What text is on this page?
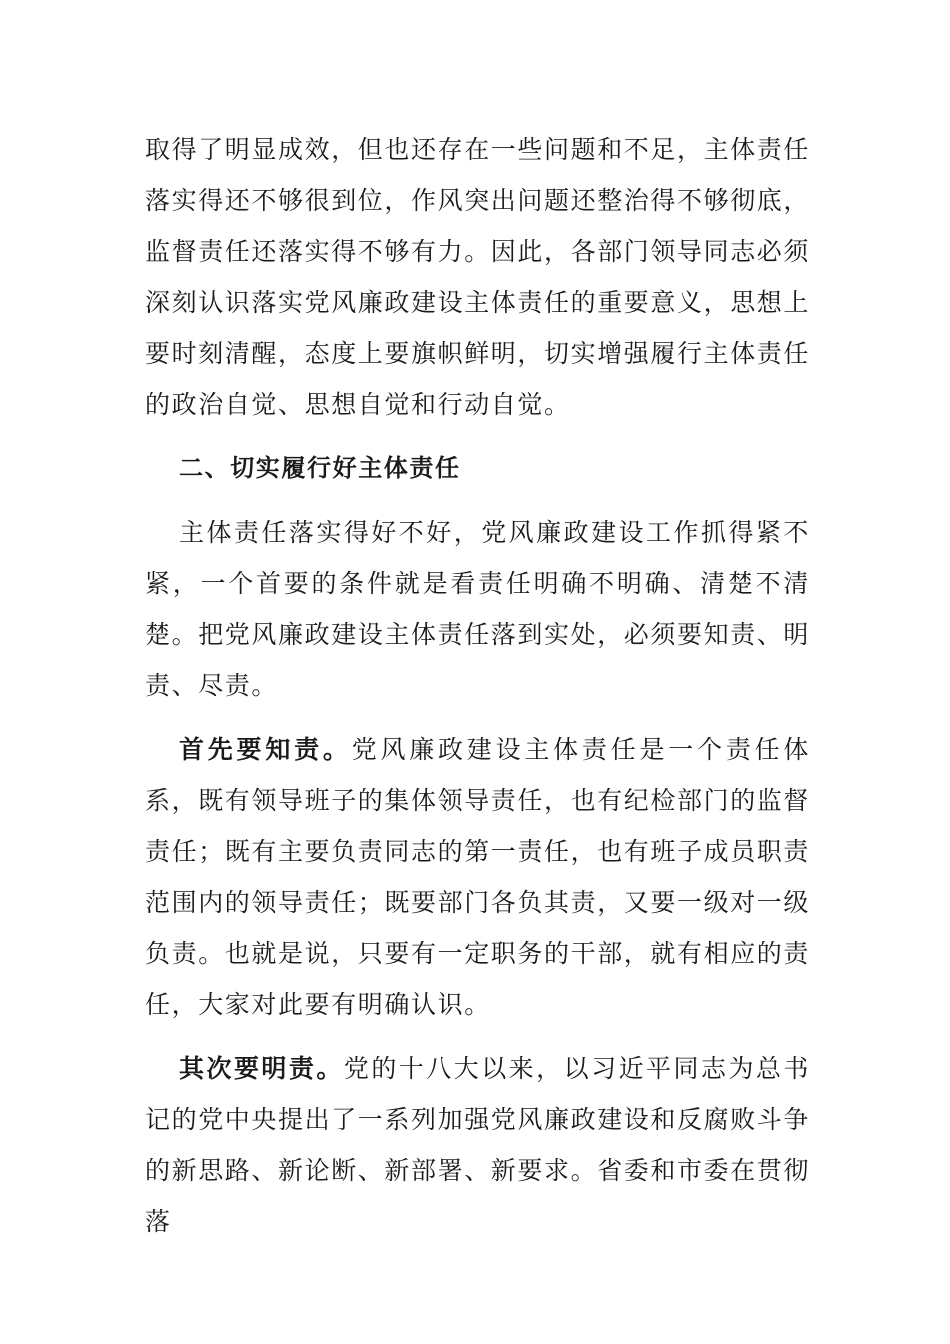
取得了明显成效，但也还存在一些问题和不足，主体责任落实得还不够很到位，作风突出问题还整治得不够彻底，监督责任还落实得不够有力。因此，各部门领导同志必须深刻认识落实党风廉政建设主体责任的重要意义，思想上要时刻清醒，态度上要旗帜鲜明，切实增强履行主体责任的政治自觉、思想自觉和行动自觉。

二、切实履行好主体责任

主体责任落实得好不好，党风廉政建设工作抓得紧不紧，一个首要的条件就是看责任明确不明确、清楚不清楚。把党风廉政建设主体责任落到实处，必须要知责、明责、尽责。

首先要知责。党风廉政建设主体责任是一个责任体系，既有领导班子的集体领导责任，也有纪检部门的监督责任；既有主要负责同志的第一责任，也有班子成员职责范围内的领导责任；既要部门各负其责，又要一级对一级负责。也就是说，只要有一定职务的干部，就有相应的责任，大家对此要有明确认识。

其次要明责。党的十八大以来，以习近平同志为总书记的党中央提出了一系列加强党风廉政建设和反腐败斗争的新思路、新论断、新部署、新要求。省委和市委在贯彻落
